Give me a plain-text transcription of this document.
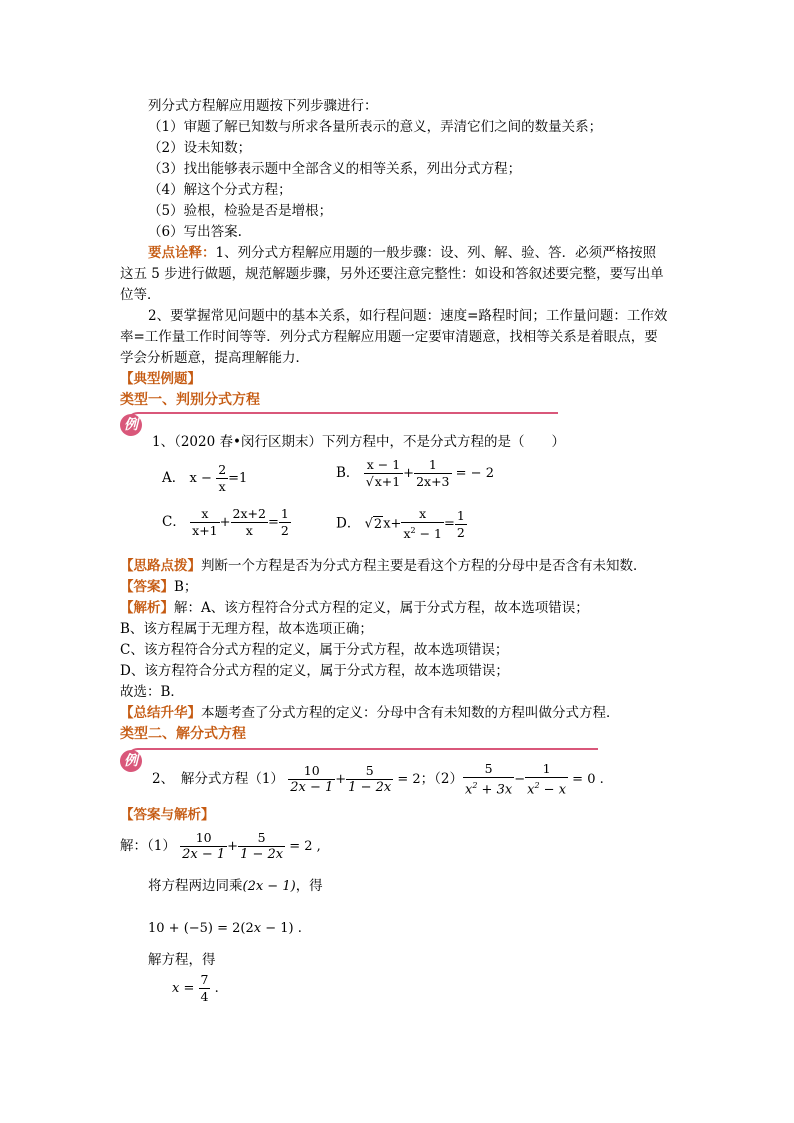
列分式方程解应用题按下列步骤进行：
（1）审题了解已知数与所求各量所表示的意义，弄清它们之间的数量关系；
（2）设未知数；
（3）找出能够表示题中全部含义的相等关系，列出分式方程；
（4）解这个分式方程；
（5）验根，检验是否是增根；
（6）写出答案.
要点诠释：1、列分式方程解应用题的一般步骤：设、列、解、验、答．必须严格按照
这五 5 步进行做题，规范解题步骤，另外还要注意完整性：如设和答叙述要完整，要写出单
位等．
2、要掌握常见问题中的基本关系，如行程问题：速度=路程时间；工作量问题：工作效
率=工作量工作时间等等．列分式方程解应用题一定要审清题意，找相等关系是着眼点，要
学会分析题意，提高理解能力．
【典型例题】
类型一、判别分式方程
例
1、（2020 春•闵行区期末）下列方程中，不是分式方程的是（　　）
A． $x - \frac{2}{x} =1$	B． $\frac{x - 1}{√x+1} + \frac{1}{2x+3}$ = − 2
C． $\frac{x}{x+1} + \frac{2x+2}{x} = \frac{1}{2}$	D． $√2x+ \frac{x}{x^2 - 1} = \frac{1}{2}$
【思路点拨】判断一个方程是否为分式方程主要是看这个方程的分母中是否含有未知数．
【答案】B；
【解析】解：A、该方程符合分式方程的定义，属于分式方程，故本选项错误；
B、该方程属于无理方程，故本选项正确；
C、该方程符合分式方程的定义，属于分式方程，故本选项错误；
D、该方程符合分式方程的定义，属于分式方程，故本选项错误；
故选：B．
【总结升华】本题考查了分式方程的定义：分母中含有未知数的方程叫做分式方程．
类型二、解分式方程
例
2、　解分式方程$(1) \frac{10}{2x - 1} + \frac{5}{1 - 2x} = 2$；$(2) \frac{5}{x^2 + 3x} - \frac{1}{x^2 - x} = 0$ .
【答案与解析】
解：$(1) \frac{10}{2x - 1} + \frac{5}{1 - 2x} = 2$ ,
将方程两边同乘(2x − 1)，得
10 + (−5) = 2(2x − 1) .
解方程，得
$x = \frac{7}{4}$ .
